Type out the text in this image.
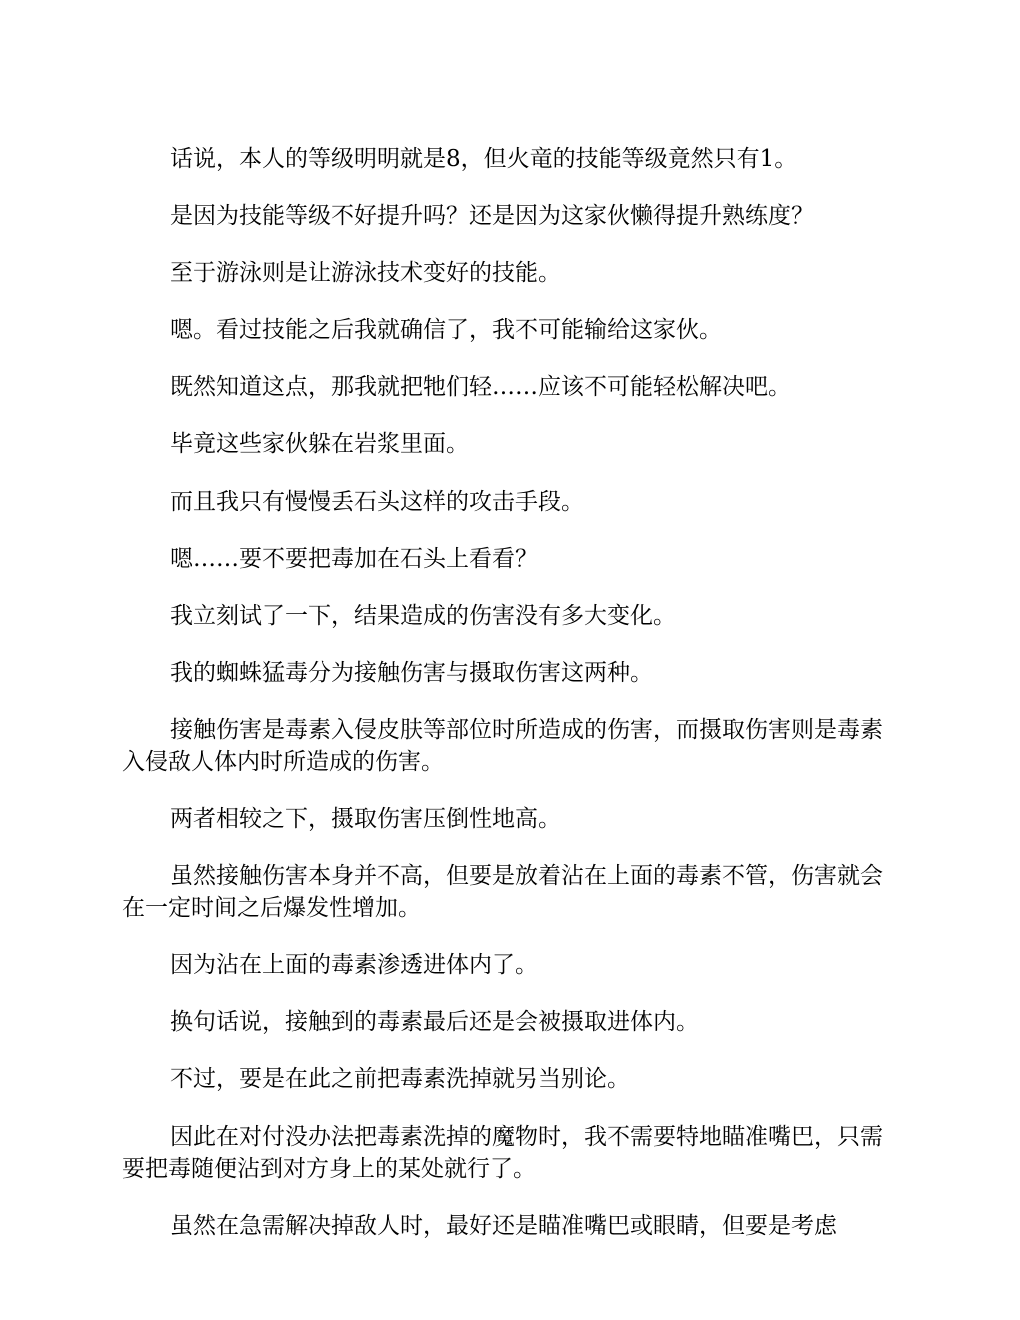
话说，本人的等级明明就是8，但火竜的技能等级竟然只有1。

是因为技能等级不好提升吗？还是因为这家伙懒得提升熟练度？

至于游泳则是让游泳技术变好的技能。

嗯。看过技能之后我就确信了，我不可能输给这家伙。

既然知道这点，那我就把牠们轻……应该不可能轻松解决吧。

毕竟这些家伙躲在岩浆里面。

而且我只有慢慢丢石头这样的攻击手段。

嗯……要不要把毒加在石头上看看？

我立刻试了一下，结果造成的伤害没有多大变化。

我的蜘蛛猛毒分为接触伤害与摄取伤害这两种。

接触伤害是毒素入侵皮肤等部位时所造成的伤害，而摄取伤害则是毒素入侵敌人体内时所造成的伤害。

两者相较之下，摄取伤害压倒性地高。

虽然接触伤害本身并不高，但要是放着沾在上面的毒素不管，伤害就会在一定时间之后爆发性增加。

因为沾在上面的毒素渗透进体内了。

换句话说，接触到的毒素最后还是会被摄取进体内。

不过，要是在此之前把毒素洗掉就另当别论。

因此在对付没办法把毒素洗掉的魔物时，我不需要特地瞄准嘴巴，只需要把毒随便沾到对方身上的某处就行了。

虽然在急需解决掉敌人时，最好还是瞄准嘴巴或眼睛，但要是考虑
